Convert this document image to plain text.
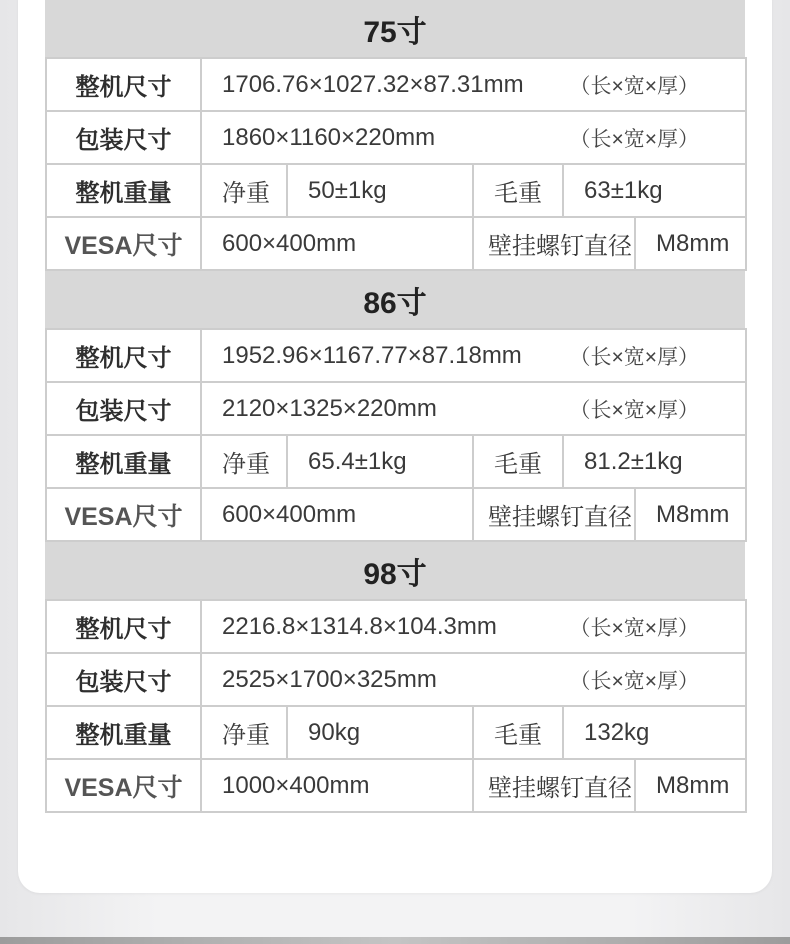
75寸
整机尺寸	1706.76×1027.32×87.31mm （长×宽×厚）				

包装尺寸	1860×1160×220mm （长×宽×厚）				

整机重量	净重	50±1kg	毛重	63±1kg	
VESA尺寸	600×400mm		壁挂螺钉直径		M8mm
86寸
整机尺寸	1952.96×1167.77×87.18mm （长×宽×厚）				

包装尺寸	2120×1325×220mm （长×宽×厚）				

整机重量	净重	65.4±1kg	毛重	81.2±1kg	
VESA尺寸	600×400mm		壁挂螺钉直径		M8mm
98寸
整机尺寸	2216.8×1314.8×104.3mm （长×宽×厚）				

包装尺寸	2525×1700×325mm （长×宽×厚）				

整机重量	净重	90kg	毛重	132kg	
VESA尺寸	1000×400mm		壁挂螺钉直径		M8mm
